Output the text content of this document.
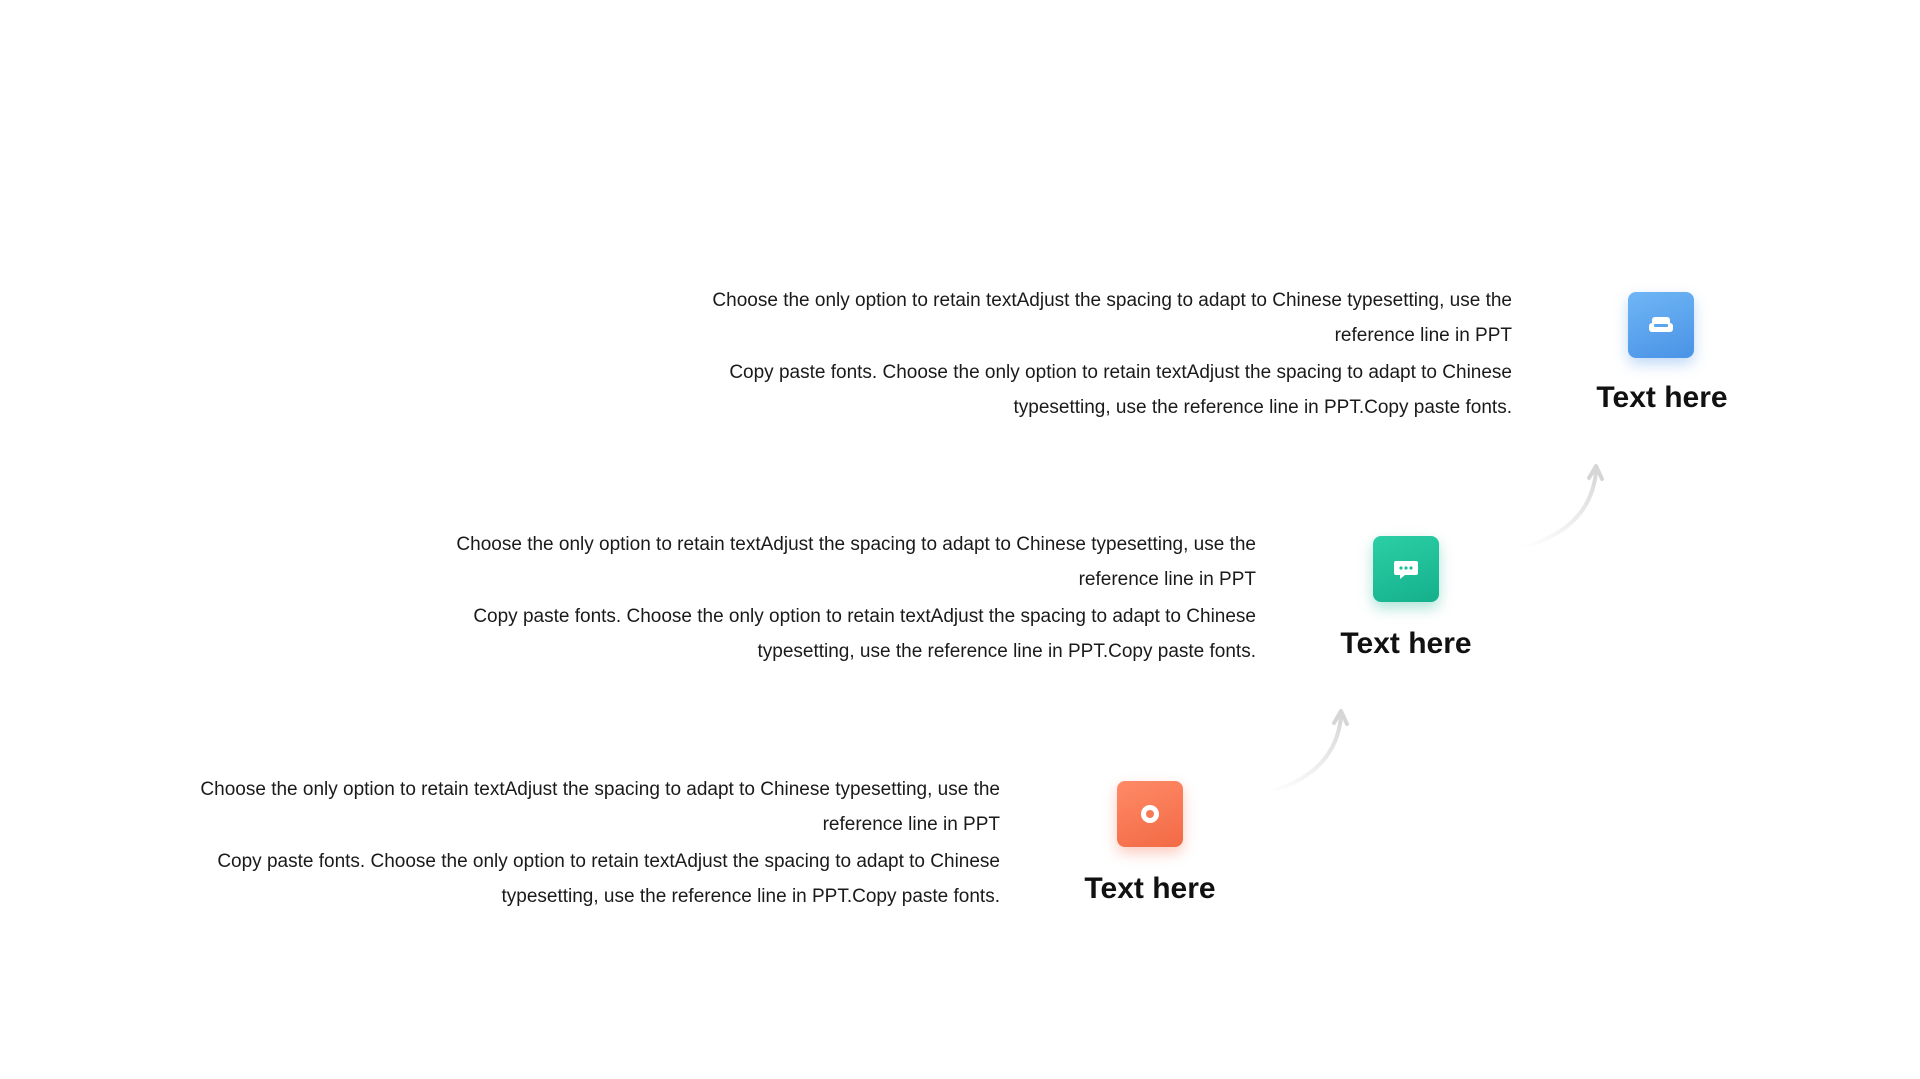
Choose the only option to retain textAdjust the spacing to adapt to Chinese typesetting, use the reference line in PPT

Copy paste fonts. Choose the only option to retain textAdjust the spacing to adapt to Chinese typesetting, use the reference line in PPT.Copy paste fonts.	Text here

Choose the only option to retain textAdjust the spacing to adapt to Chinese typesetting, use the reference line in PPT

Copy paste fonts. Choose the only option to retain textAdjust the spacing to adapt to Chinese typesetting, use the reference line in PPT.Copy paste fonts.	Text here

Choose the only option to retain textAdjust the spacing to adapt to Chinese typesetting, use the reference line in PPT

Copy paste fonts. Choose the only option to retain textAdjust the spacing to adapt to Chinese typesetting, use the reference line in PPT.Copy paste fonts.	Text here
